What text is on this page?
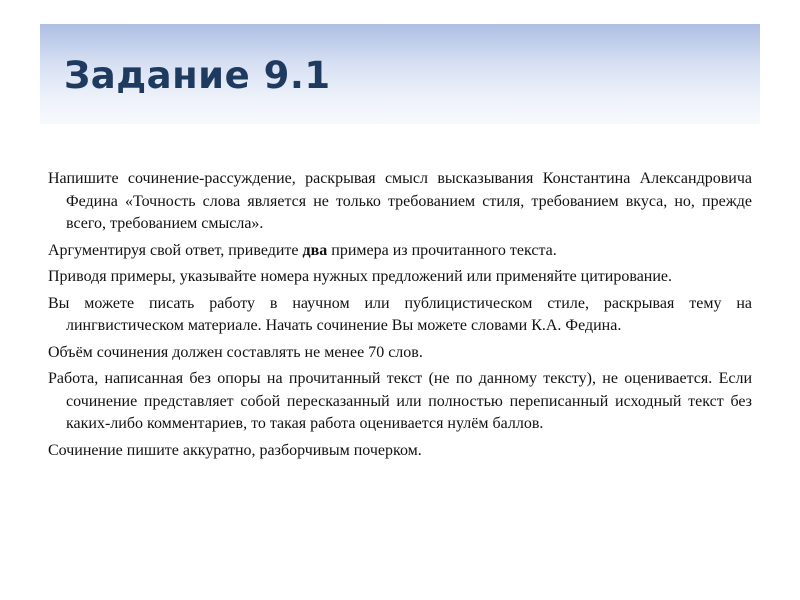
Задание 9.1

Напишите сочинение-рассуждение, раскрывая смысл высказывания Константина Александровича Федина «Точность слова является не только требованием стиля, требованием вкуса, но, прежде всего, требованием смысла».

Аргументируя свой ответ, приведите два примера из прочитанного текста.

Приводя примеры, указывайте номера нужных предложений или применяйте цитирование.

Вы можете писать работу в научном или публицистическом стиле, раскрывая тему на лингвистическом материале. Начать сочинение Вы можете словами К.А. Федина.

Объём сочинения должен составлять не менее 70 слов.

Работа, написанная без опоры на прочитанный текст (не по данному тексту), не оценивается. Если сочинение представляет собой пересказанный или полностью переписанный исходный текст без каких-либо комментариев, то такая работа оценивается нулём баллов.

Сочинение пишите аккуратно, разборчивым почерком.
